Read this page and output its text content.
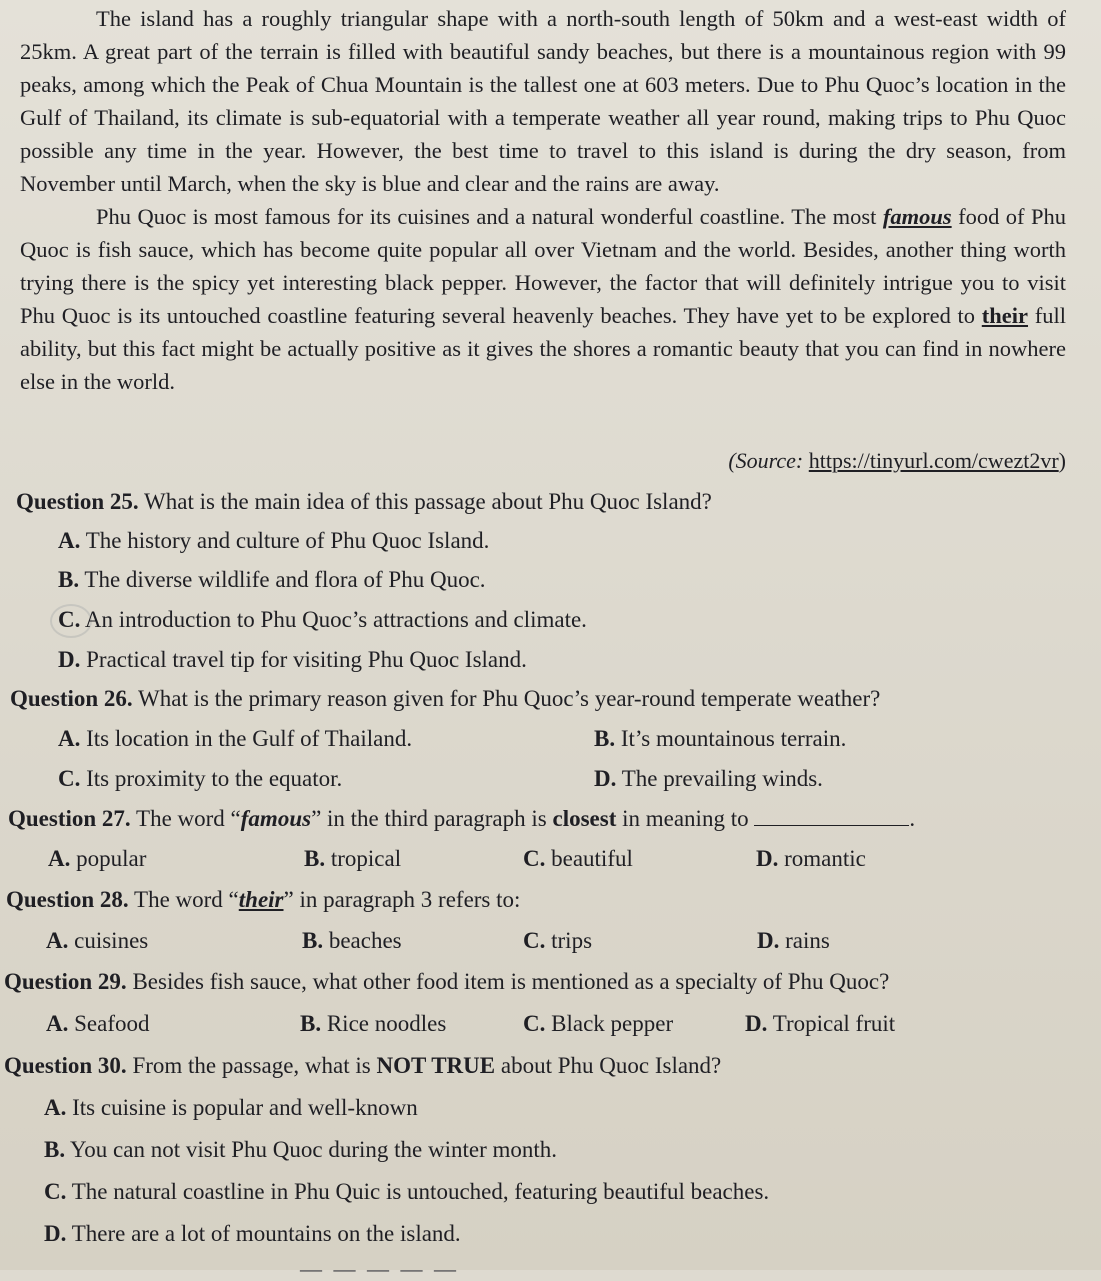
The island has a roughly triangular shape with a north-south length of 50km and a west-east width of 25km. A great part of the terrain is filled with beautiful sandy beaches, but there is a mountainous region with 99 peaks, among which the Peak of Chua Mountain is the tallest one at 603 meters. Due to Phu Quoc’s location in the Gulf of Thailand, its climate is sub-equatorial with a temperate weather all year round, making trips to Phu Quoc possible any time in the year. However, the best time to travel to this island is during the dry season, from November until March, when the sky is blue and clear and the rains are away.

Phu Quoc is most famous for its cuisines and a natural wonderful coastline. The most famous food of Phu Quoc is fish sauce, which has become quite popular all over Vietnam and the world. Besides, another thing worth trying there is the spicy yet interesting black pepper. However, the factor that will definitely intrigue you to visit Phu Quoc is its untouched coastline featuring several heavenly beaches. They have yet to be explored to their full ability, but this fact might be actually positive as it gives the shores a romantic beauty that you can find in nowhere else in the world.

(Source: https://tinyurl.com/cwezt2vr)
Question 25. What is the main idea of this passage about Phu Quoc Island?
A. The history and culture of Phu Quoc Island.
B. The diverse wildlife and flora of Phu Quoc.
C. An introduction to Phu Quoc’s attractions and climate.
D. Practical travel tip for visiting Phu Quoc Island.
Question 26. What is the primary reason given for Phu Quoc’s year-round temperate weather?
A. Its location in the Gulf of Thailand.	B. It’s mountainous terrain.
C. Its proximity to the equator.	D. The prevailing winds.
Question 27. The word “famous” in the third paragraph is closest in meaning to	.
A. popular	B. tropical	C. beautiful	D. romantic
Question 28. The word “their” in paragraph 3 refers to:
A. cuisines	B. beaches	C. trips	D. rains
Question 29. Besides fish sauce, what other food item is mentioned as a specialty of Phu Quoc?
A. Seafood	B. Rice noodles	C. Black pepper	D. Tropical fruit
Question 30. From the passage, what is NOT TRUE about Phu Quoc Island?
A. Its cuisine is popular and well-known
B. You can not visit Phu Quoc during the winter month.
C. The natural coastline in Phu Quic is untouched, featuring beautiful beaches.
D. There are a lot of mountains on the island.
— — — — —
